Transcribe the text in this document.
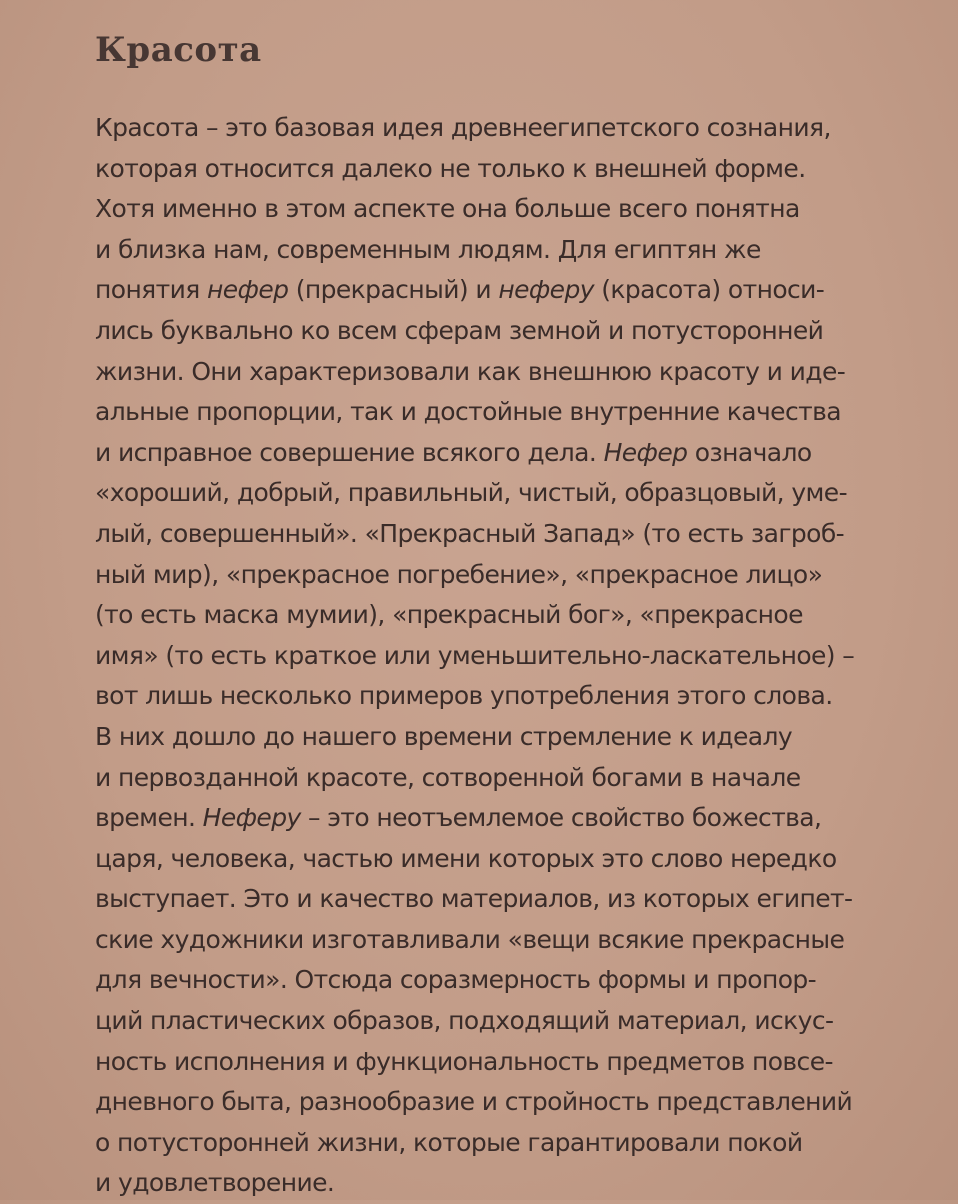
Красота
Красота – это базовая идея древнеегипетского сознания,
которая относится далеко не только к внешней форме.
Хотя именно в этом аспекте она больше всего понятна
и близка нам, современным людям. Для египтян же
понятия нефер (прекрасный) и неферу (красота) относи-
лись буквально ко всем сферам земной и потусторонней
жизни. Они характеризовали как внешнюю красоту и иде-
альные пропорции, так и достойные внутренние качества
и исправное совершение всякого дела. Нефер означало
«хороший, добрый, правильный, чистый, образцовый, уме-
лый, совершенный». «Прекрасный Запад» (то есть загроб-
ный мир), «прекрасное погребение», «прекрасное лицо»
(то есть маска мумии), «прекрасный бог», «прекрасное
имя» (то есть краткое или уменьшительно-ласкательное) –
вот лишь несколько примеров употребления этого слова.
В них дошло до нашего времени стремление к идеалу
и первозданной красоте, сотворенной богами в начале
времен. Неферу – это неотъемлемое свойство божества,
царя, человека, частью имени которых это слово нередко
выступает. Это и качество материалов, из которых египет-
ские художники изготавливали «вещи всякие прекрасные
для вечности». Отсюда соразмерность формы и пропор-
ций пластических образов, подходящий материал, искус-
ность исполнения и функциональность предметов повсе-
дневного быта, разнообразие и стройность представлений
о потусторонней жизни, которые гарантировали покой
и удовлетворение.
